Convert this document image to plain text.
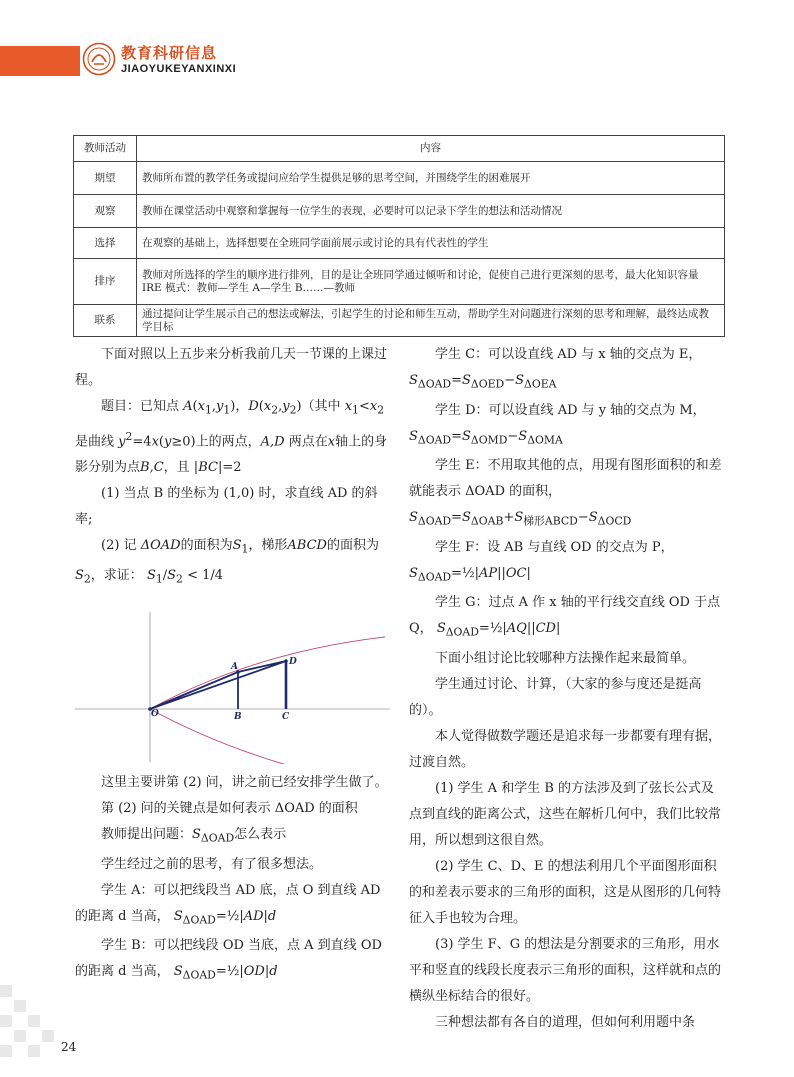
教育科研信息
JIAOYUKEYANXINXI
教师活动	内容
期望	教师所布置的教学任务或提问应给学生提供足够的思考空间，并围绕学生的困难展开
观察	教师在课堂活动中观察和掌握每一位学生的表现，必要时可以记录下学生的想法和活动情况
选择	在观察的基础上，选择想要在全班同学面前展示或讨论的具有代表性的学生
排序	教师对所选择的学生的顺序进行排列，目的是让全班同学通过倾听和讨论，促使自己进行更深刻的思考，最大化知识容量
IRE 模式：教师—学生 A—学生 B……—教师

联系	通过提问让学生展示自己的想法或解法，引起学生的讨论和师生互动，帮助学生对问题进行深刻的思考和理解，最终达成教学目标

下面对照以上五步来分析我前几天一节课的上课过程。

题目：已知点 $A(x_1,y_1)$，$D(x_2,y_2)$（其中 $x_1<x_2$是曲线 $y^2=4x(y\ge 0)$上的两点，A,D 两点在x轴上的身影分别为点B,C，且 |BC|=2

(1) 当点 B 的坐标为 (1,0) 时，求直线 AD 的斜率;

(2) 记 ΔOAD的面积为$S_1$，梯形ABCD的面积为$S_2$，求证： $S_1/S_2 < 1/4$

A	D
O	B	C

这里主要讲第 (2) 问，讲之前已经安排学生做了。

第 (2) 问的关键点是如何表示 ΔOAD 的面积

教师提出问题：$S_{\Delta OAD}$怎么表示

学生经过之前的思考，有了很多想法。

学生 A：可以把线段当 AD 底，点 O 到直线 AD 的距离 d 当高， $S_{\Delta OAD}=\frac{1}{2}|AD|d$

学生 B：可以把线段 OD 当底，点 A 到直线 OD 的距离 d 当高， $S_{\Delta OAD}=\frac{1}{2}|OD|d$

学生 C：可以设直线 AD 与 x 轴的交点为 E，
$S_{\Delta OAD}=S_{\Delta OED}-S_{\Delta OEA}$

学生 D：可以设直线 AD 与 y 轴的交点为 M，
$S_{\Delta OAD}=S_{\Delta OMD}-S_{\Delta OMA}$

学生 E：不用取其他的点，用现有图形面积的和差就能表示 ΔOAD 的面积，
$S_{\Delta OAD}=S_{\Delta OAB}+S_{梯形ABCD}-S_{\Delta OCD}$

学生 F：设 AB 与直线 OD 的交点为 P，
$S_{\Delta OAD}=\frac{1}{2}|AP||OC|$

学生 G：过点 A 作 x 轴的平行线交直线 OD 于点 Q， $S_{\Delta OAD}=\frac{1}{2}|AQ||CD|$

下面小组讨论比较哪种方法操作起来最简单。

学生通过讨论、计算，（大家的参与度还是挺高的）。

本人觉得做数学题还是追求每一步都要有理有据，过渡自然。

(1) 学生 A 和学生 B 的方法涉及到了弦长公式及点到直线的距离公式，这些在解析几何中，我们比较常用，所以想到这很自然。

(2) 学生 C、D、E 的想法利用几个平面图形面积的和差表示要求的三角形的面积，这是从图形的几何特征入手也较为合理。

(3) 学生 F、G 的想法是分割要求的三角形，用水平和竖直的线段长度表示三角形的面积，这样就和点的横纵坐标结合的很好。

三种想法都有各自的道理，但如何利用题中条

24
